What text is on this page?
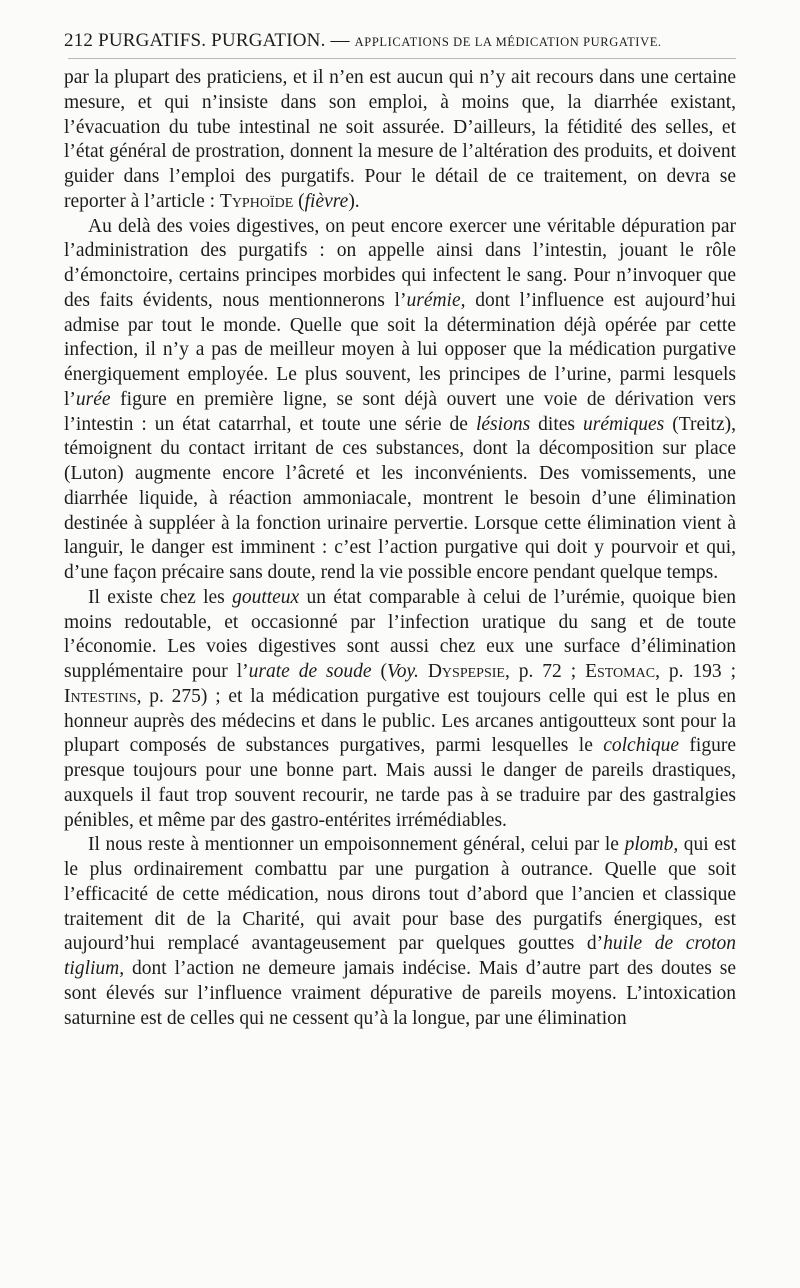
212 PURGATIFS. PURGATION. — APPLICATIONS DE LA MÉDICATION PURGATIVE.

par la plupart des praticiens, et il n’en est aucun qui n’y ait recours dans une certaine mesure, et qui n’insiste dans son emploi, à moins que, la diarrhée existant, l’évacuation du tube intestinal ne soit assurée. D’ailleurs, la fétidité des selles, et l’état général de prostration, donnent la mesure de l’altération des produits, et doivent guider dans l’emploi des purgatifs. Pour le détail de ce traitement, on devra se reporter à l’article : Typhoïde (fièvre).

Au delà des voies digestives, on peut encore exercer une véritable dépuration par l’administration des purgatifs : on appelle ainsi dans l’intestin, jouant le rôle d’émonctoire, certains principes morbides qui infectent le sang. Pour n’invoquer que des faits évidents, nous mentionnerons l’urémie, dont l’influence est aujourd’hui admise par tout le monde. Quelle que soit la détermination déjà opérée par cette infection, il n’y a pas de meilleur moyen à lui opposer que la médication purgative énergiquement employée. Le plus souvent, les principes de l’urine, parmi lesquels l’urée figure en première ligne, se sont déjà ouvert une voie de dérivation vers l’intestin : un état catarrhal, et toute une série de lésions dites urémiques (Treitz), témoignent du contact irritant de ces substances, dont la décomposition sur place (Luton) augmente encore l’âcreté et les inconvénients. Des vomissements, une diarrhée liquide, à réaction ammoniacale, montrent le besoin d’une élimination destinée à suppléer à la fonction urinaire pervertie. Lorsque cette élimination vient à languir, le danger est imminent : c’est l’action purgative qui doit y pourvoir et qui, d’une façon précaire sans doute, rend la vie possible encore pendant quelque temps.

Il existe chez les goutteux un état comparable à celui de l’urémie, quoique bien moins redoutable, et occasionné par l’infection uratique du sang et de toute l’économie. Les voies digestives sont aussi chez eux une surface d’élimination supplémentaire pour l’urate de soude (Voy. Dyspepsie, p. 72 ; Estomac, p. 193 ; Intestins, p. 275) ; et la médication purgative est toujours celle qui est le plus en honneur auprès des médecins et dans le public. Les arcanes antigoutteux sont pour la plupart composés de substances purgatives, parmi lesquelles le colchique figure presque toujours pour une bonne part. Mais aussi le danger de pareils drastiques, auxquels il faut trop souvent recourir, ne tarde pas à se traduire par des gastralgies pénibles, et même par des gastro-entérites irrémédiables.

Il nous reste à mentionner un empoisonnement général, celui par le plomb, qui est le plus ordinairement combattu par une purgation à outrance. Quelle que soit l’efficacité de cette médication, nous dirons tout d’abord que l’ancien et classique traitement dit de la Charité, qui avait pour base des purgatifs énergiques, est aujourd’hui remplacé avantageusement par quelques gouttes d’huile de croton tiglium, dont l’action ne demeure jamais indécise. Mais d’autre part des doutes se sont élevés sur l’influence vraiment dépurative de pareils moyens. L’intoxication saturnine est de celles qui ne cessent qu’à la longue, par une élimination
